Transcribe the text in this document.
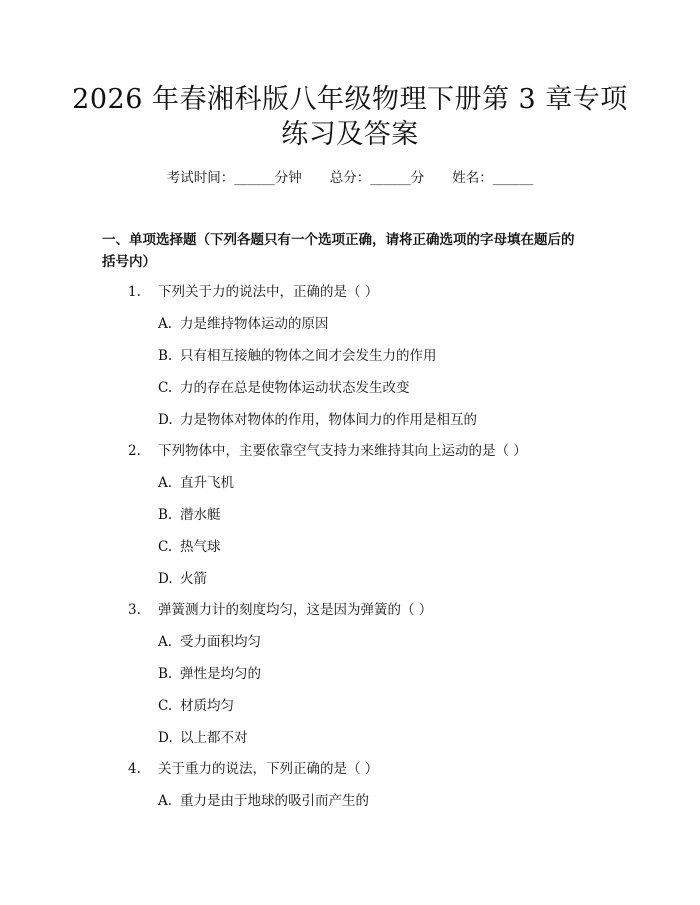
2026 年春湘科版八年级物理下册第 3 章专项
练习及答案
考试时间：______分钟 总分：______分 姓名：______
一、单项选择题（下列各题只有一个选项正确，请将正确选项的字母填在题后的
括号内）
1. 下列关于力的说法中，正确的是（ ）
A. 力是维持物体运动的原因
B. 只有相互接触的物体之间才会发生力的作用
C. 力的存在总是使物体运动状态发生改变
D. 力是物体对物体的作用，物体间力的作用是相互的
2. 下列物体中，主要依靠空气支持力来维持其向上运动的是（ ）
A. 直升飞机
B. 潜水艇
C. 热气球
D. 火箭
3. 弹簧测力计的刻度均匀，这是因为弹簧的（ ）
A. 受力面积均匀
B. 弹性是均匀的
C. 材质均匀
D. 以上都不对
4. 关于重力的说法，下列正确的是（ ）
A. 重力是由于地球的吸引而产生的
